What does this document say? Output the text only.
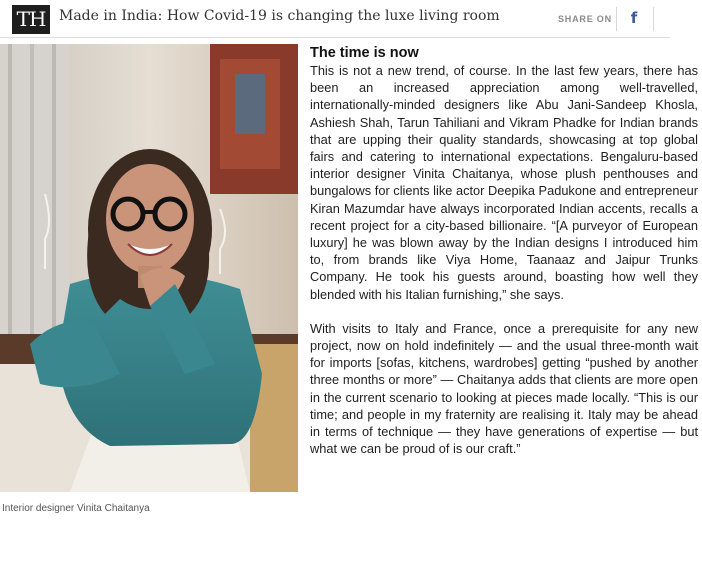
TH Made in India: How Covid-19 is changing the luxe living room	SHARE ON	f
Interior designer Vinita Chaitanya
The time is now

This is not a new trend, of course. In the last few years, there has been an increased appreciation among well-travelled, internationally-minded designers like Abu Jani-Sandeep Khosla, Ashiesh Shah, Tarun Tahiliani and Vikram Phadke for Indian brands that are upping their quality standards, showcasing at top global fairs and catering to international expectations. Bengaluru-based interior designer Vinita Chaitanya, whose plush penthouses and bungalows for clients like actor Deepika Padukone and entrepreneur Kiran Mazumdar have always incorporated Indian accents, recalls a recent project for a city-based billionaire. “[A purveyor of European luxury] he was blown away by the Indian designs I introduced him to, from brands like Viya Home, Taanaaz and Jaipur Trunks Company. He took his guests around, boasting how well they blended with his Italian furnishing,” she says.

With visits to Italy and France, once a prerequisite for any new project, now on hold indefinitely — and the usual three-month wait for imports [sofas, kitchens, wardrobes] getting “pushed by another three months or more” — Chaitanya adds that clients are more open in the current scenario to looking at pieces made locally. “This is our time; and people in my fraternity are realising it. Italy may be ahead in terms of technique — they have generations of expertise — but what we can be proud of is our craft.”
